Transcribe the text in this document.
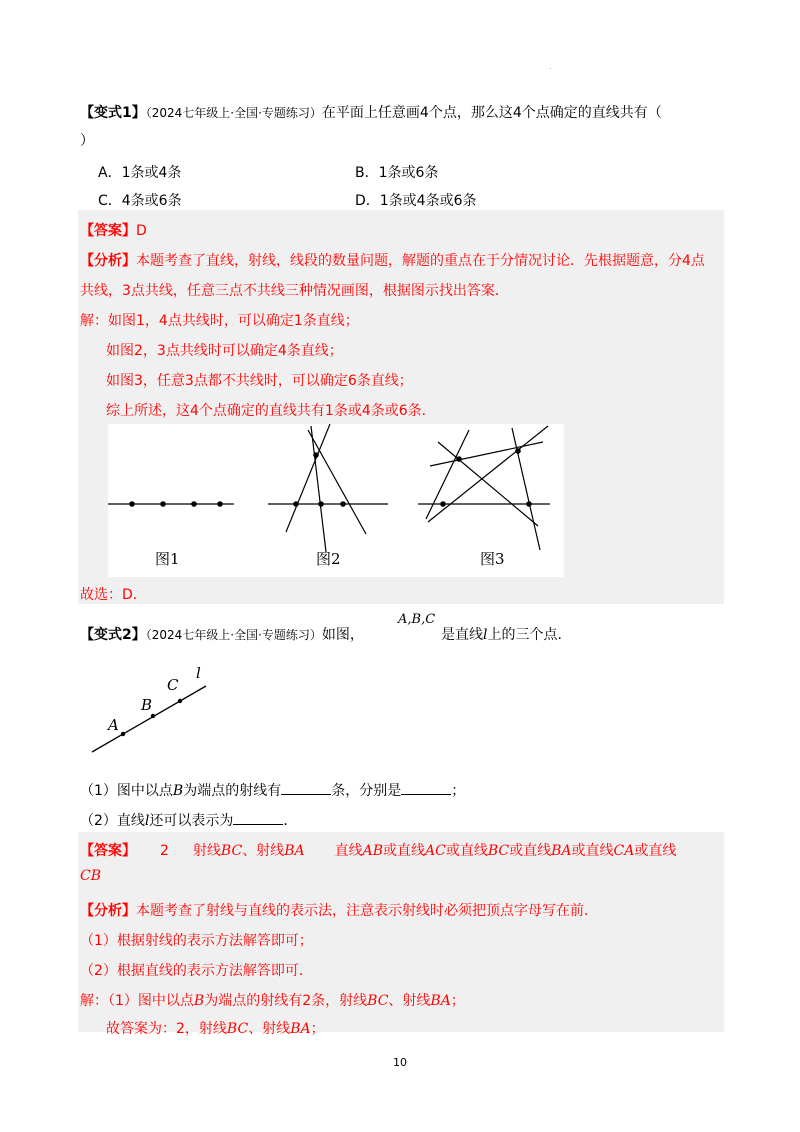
.
【变式1】（2024七年级上·全国·专题练习）在平面上任意画4个点，那么这4个点确定的直线共有（
）
A．1条或4条	B．1条或6条
C．4条或6条	D．1条或4条或6条
【答案】D
【分析】本题考查了直线，射线，线段的数量问题，解题的重点在于分情况讨论．先根据题意，分4点
共线，3点共线，任意三点不共线三种情况画图，根据图示找出答案．
解：如图1，4点共线时，可以确定1条直线；
如图2，3点共线时可以确定4条直线；
如图3，任意3点都不共线时，可以确定6条直线；
综上所述，这4个点确定的直线共有1条或4条或6条．
图1	图2	图3
故选：D．
【变式2】（2024七年级上·全国·专题练习）如图，
A,B,C
是直线l上的三个点．
A
B
C
l
（1）图中以点B为端点的射线有	条，分别是	；
（2）直线l还可以表示为	．
【答案】 2 射线BC、射线BA 直线AB或直线AC或直线BC或直线BA或直线CA或直线
CB
【分析】本题考查了射线与直线的表示法，注意表示射线时必须把顶点字母写在前．
（1）根据射线的表示方法解答即可；
（2）根据直线的表示方法解答即可．
解：（1）图中以点B为端点的射线有2条，射线BC、射线BA；
故答案为：2，射线BC、射线BA；
10
